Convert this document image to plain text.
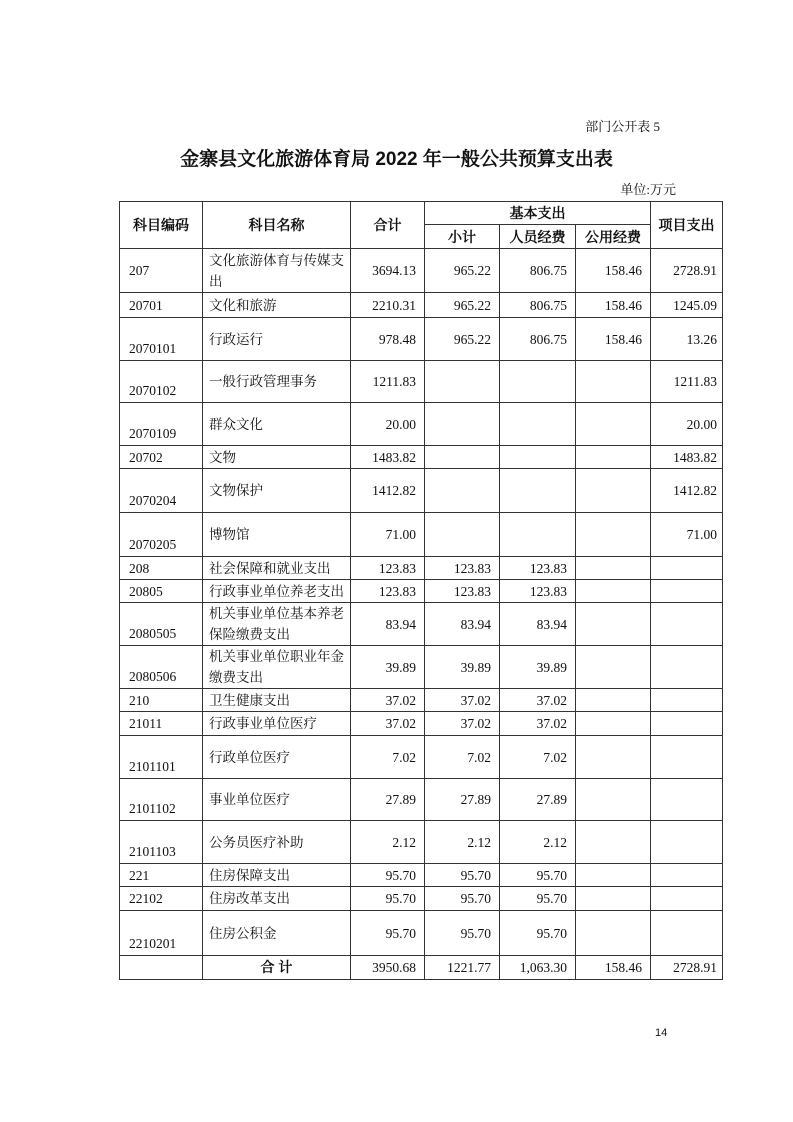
部门公开表 5
金寨县文化旅游体育局 2022 年一般公共预算支出表
单位:万元
科目编码	科目名称	合计	基本支出			项目支出
			小计	人员经费	公用经费	
207	文化旅游体育与传媒支出	3694.13	965.22	806.75	158.46	2728.91
20701	文化和旅游	2210.31	965.22	806.75	158.46	1245.09
2070101	行政运行	978.48	965.22	806.75	158.46	13.26
2070102	一般行政管理事务	1211.83				1211.83
2070109	群众文化	20.00				20.00
20702	文物	1483.82				1483.82
2070204	文物保护	1412.82				1412.82
2070205	博物馆	71.00				71.00
208	社会保障和就业支出	123.83	123.83	123.83		
20805	行政事业单位养老支出	123.83	123.83	123.83		
2080505	机关事业单位基本养老保险缴费支出	83.94	83.94	83.94		
2080506	机关事业单位职业年金缴费支出	39.89	39.89	39.89		
210	卫生健康支出	37.02	37.02	37.02		
21011	行政事业单位医疗	37.02	37.02	37.02		
2101101	行政单位医疗	7.02	7.02	7.02		
2101102	事业单位医疗	27.89	27.89	27.89		
2101103	公务员医疗补助	2.12	2.12	2.12		
221	住房保障支出	95.70	95.70	95.70		
22102	住房改革支出	95.70	95.70	95.70		
2210201	住房公积金	95.70	95.70	95.70		
	合 计	3950.68	1221.77	1,063.30	158.46	2728.91
14
